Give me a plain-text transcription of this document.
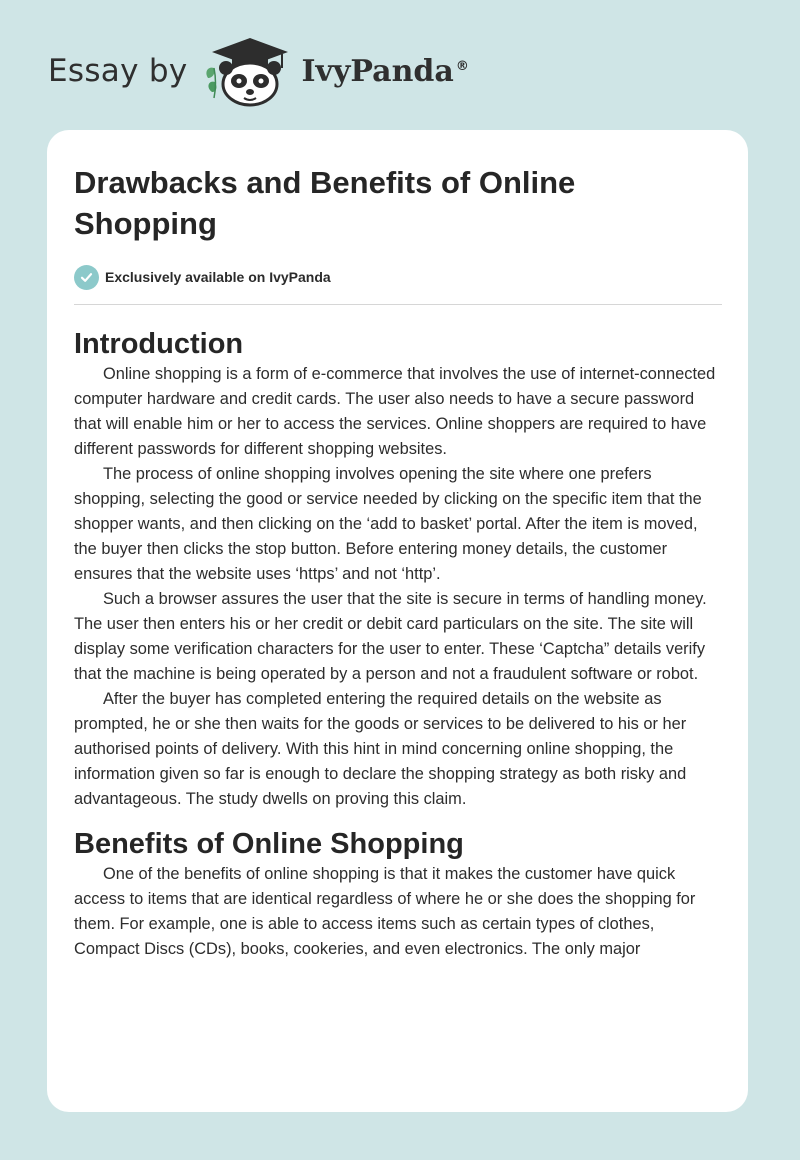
Essay by	IvyPanda ®
Drawbacks and Benefits of Online Shopping
Exclusively available on IvyPanda
Introduction

Online shopping is a form of e-commerce that involves the use of internet-connected computer hardware and credit cards. The user also needs to have a secure password that will enable him or her to access the services. Online shoppers are required to have different passwords for different shopping websites.

The process of online shopping involves opening the site where one prefers shopping, selecting the good or service needed by clicking on the specific item that the shopper wants, and then clicking on the ‘add to basket’ portal. After the item is moved, the buyer then clicks the stop button. Before entering money details, the customer ensures that the website uses ‘https’ and not ‘http’.

Such a browser assures the user that the site is secure in terms of handling money. The user then enters his or her credit or debit card particulars on the site. The site will display some verification characters for the user to enter. These ‘Captcha” details verify that the machine is being operated by a person and not a fraudulent software or robot.

After the buyer has completed entering the required details on the website as prompted, he or she then waits for the goods or services to be delivered to his or her authorised points of delivery. With this hint in mind concerning online shopping, the information given so far is enough to declare the shopping strategy as both risky and advantageous. The study dwells on proving this claim.

Benefits of Online Shopping

One of the benefits of online shopping is that it makes the customer have quick access to items that are identical regardless of where he or she does the shopping for them. For example, one is able to access items such as certain types of clothes, Compact Discs (CDs), books, cookeries, and even electronics. The only major
